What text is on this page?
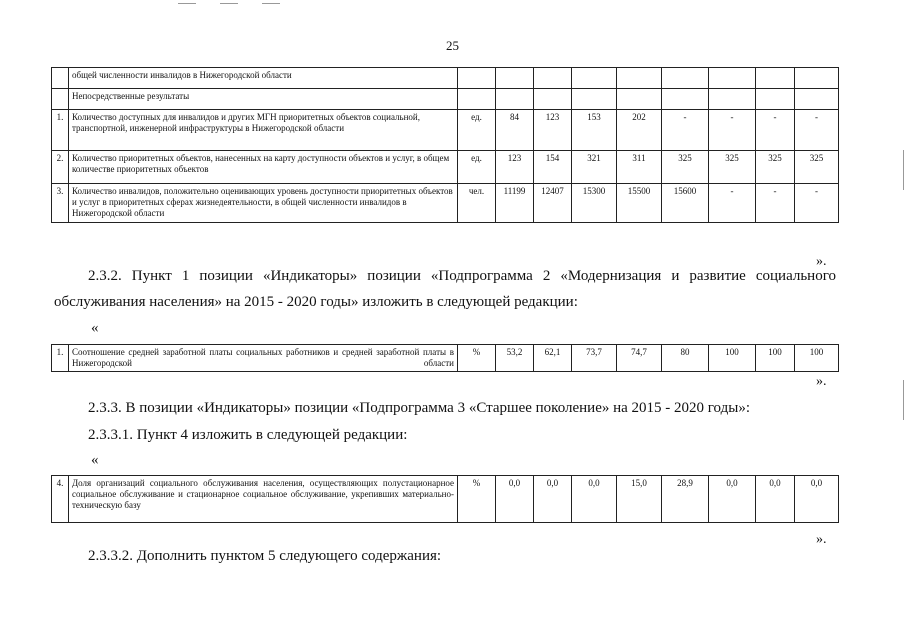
25
	общей численности инвалидов в Нижегородской области									
	Непосредственные результаты									
1.	Количество доступных для инвалидов и других МГН приоритетных объектов социальной, транспортной, инженерной инфраструктуры в Нижегородской области	ед.	84	123	153	202	-	-	-	-
2.	Количество приоритетных объектов, нанесенных на карту доступности объектов и услуг, в общем количестве приоритетных объектов	ед.	123	154	321	311	325	325	325	325
3.	Количество инвалидов, положительно оценивающих уровень доступности приоритетных объектов и услуг в приоритетных сферах жизнедеятельности, в общей численности инвалидов в Нижегородской области	чел.	11199	12407	15300	15500	15600	-	-	-
».
2.3.2. Пункт 1 позиции «Индикаторы» позиции «Подпрограмма 2 «Модернизация и развитие социального
обслуживания населения» на 2015 - 2020 годы» изложить в следующей редакции:
«
1.	Соотношение средней заработной платы социальных работников и средней заработной платы в Нижегородской области	%	53,2	62,1	73,7	74,7	80	100	100	100
».
2.3.3. В позиции «Индикаторы» позиции «Подпрограмма 3 «Старшее поколение» на 2015 - 2020 годы»:
2.3.3.1. Пункт 4 изложить в следующей редакции:
«
4.	Доля организаций социального обслуживания населения, осуществляющих полустационарное социальное обслуживание и стационарное социальное обслуживание, укрепивших материально-техническую базу	%	0,0	0,0	0,0	15,0	28,9	0,0	0,0	0,0
».
2.3.3.2. Дополнить пунктом 5 следующего содержания:
